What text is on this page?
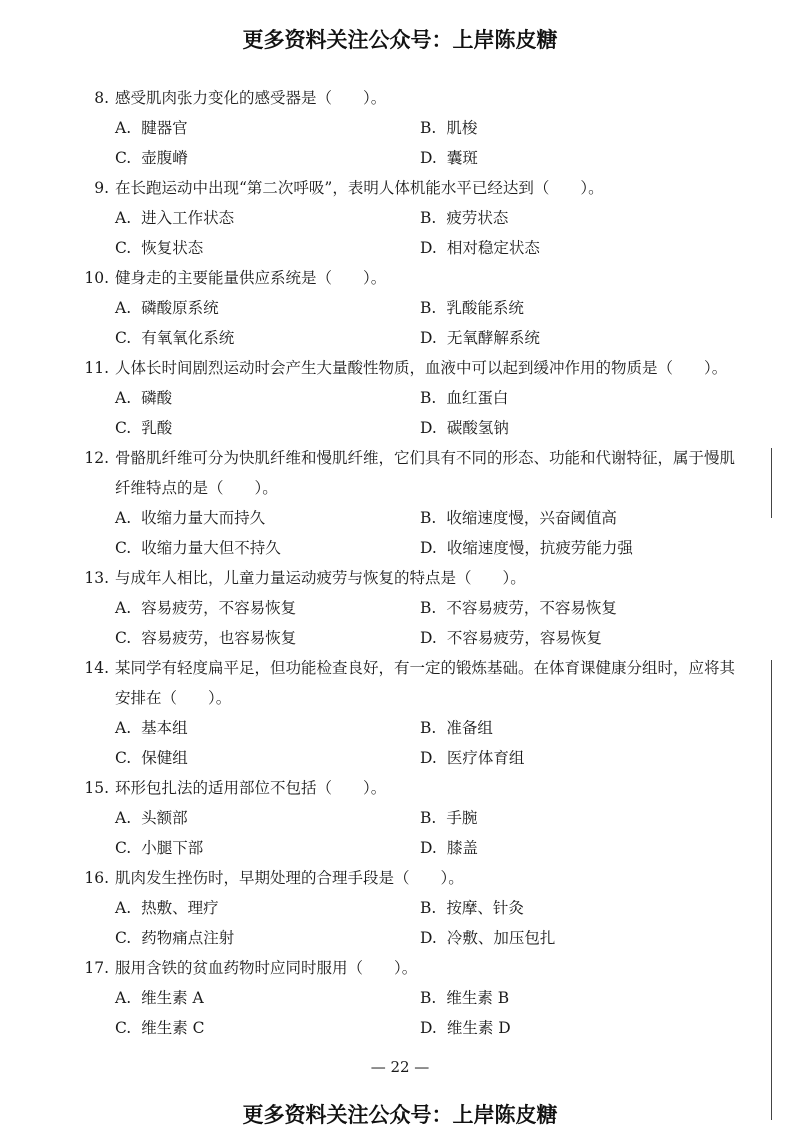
更多资料关注公众号：上岸陈皮糖
8. 感受肌肉张力变化的感受器是（　　）。
A. 腱器官	B. 肌梭
C. 壶腹嵴	D. 囊斑
9. 在长跑运动中出现“第二次呼吸”，表明人体机能水平已经达到（　　）。
A. 进入工作状态	B. 疲劳状态
C. 恢复状态	D. 相对稳定状态
10. 健身走的主要能量供应系统是（　　）。
A. 磷酸原系统	B. 乳酸能系统
C. 有氧氧化系统	D. 无氧酵解系统
11. 人体长时间剧烈运动时会产生大量酸性物质，血液中可以起到缓冲作用的物质是（　　）。
A. 磷酸	B. 血红蛋白
C. 乳酸	D. 碳酸氢钠
12. 骨骼肌纤维可分为快肌纤维和慢肌纤维，它们具有不同的形态、功能和代谢特征，属于慢肌纤维特点的是（　　）。
A. 收缩力量大而持久	B. 收缩速度慢，兴奋阈值高
C. 收缩力量大但不持久	D. 收缩速度慢，抗疲劳能力强
13. 与成年人相比，儿童力量运动疲劳与恢复的特点是（　　）。
A. 容易疲劳，不容易恢复	B. 不容易疲劳，不容易恢复
C. 容易疲劳，也容易恢复	D. 不容易疲劳，容易恢复
14. 某同学有轻度扁平足，但功能检查良好，有一定的锻炼基础。在体育课健康分组时，应将其安排在（　　）。
A. 基本组	B. 准备组
C. 保健组	D. 医疗体育组
15. 环形包扎法的适用部位不包括（　　）。
A. 头额部	B. 手腕
C. 小腿下部	D. 膝盖
16. 肌肉发生挫伤时，早期处理的合理手段是（　　）。
A. 热敷、理疗	B. 按摩、针灸
C. 药物痛点注射	D. 冷敷、加压包扎
17. 服用含铁的贫血药物时应同时服用（　　）。
A. 维生素 A	B. 维生素 B
C. 维生素 C	D. 维生素 D
— 22 —
更多资料关注公众号：上岸陈皮糖
